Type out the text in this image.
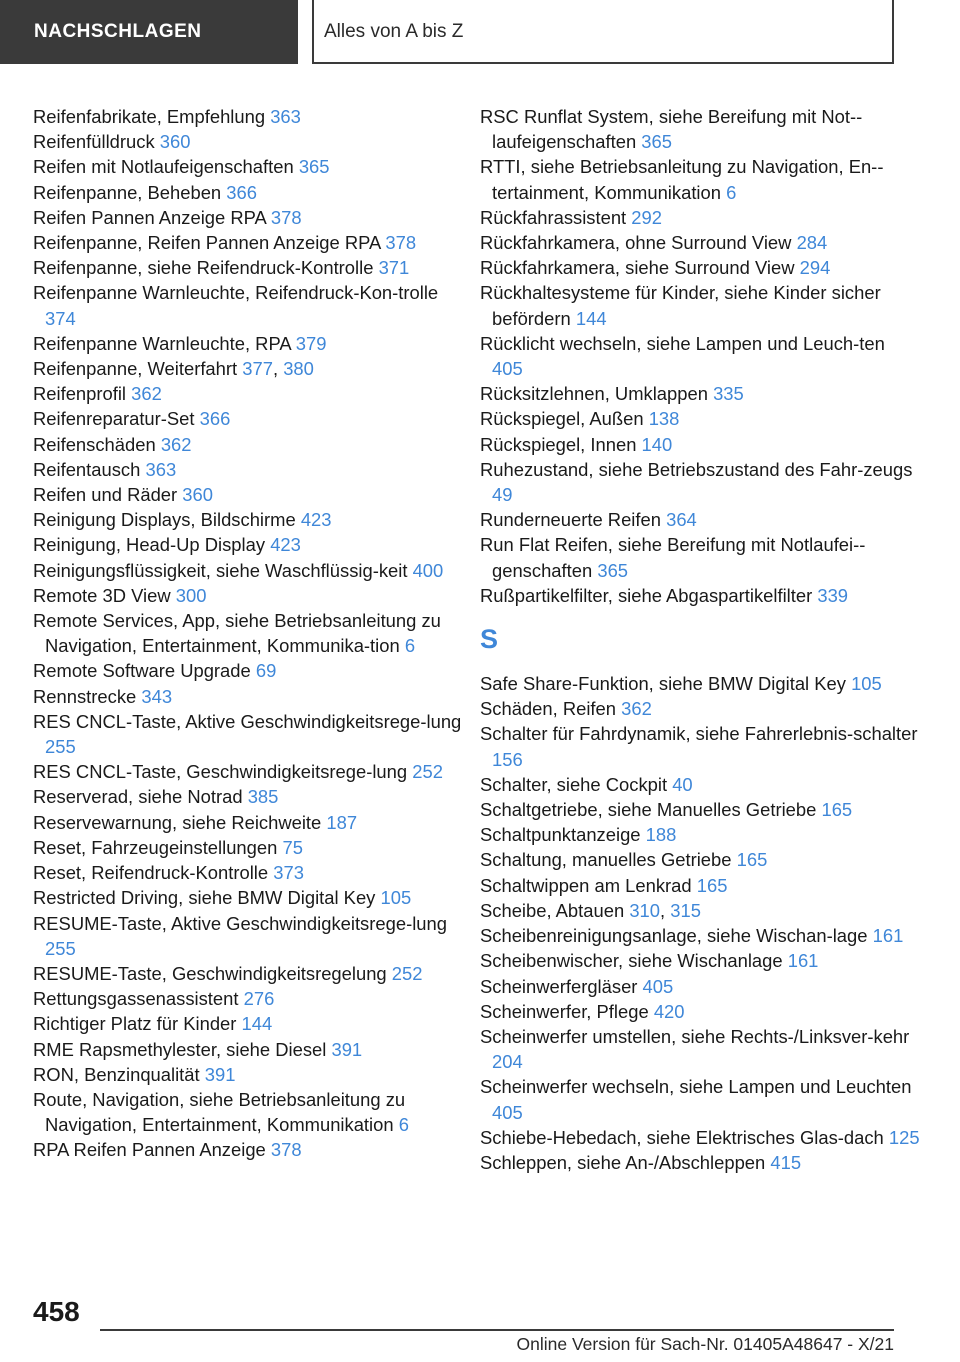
NACHSCHLAGEN	Alles von A bis Z

Reifenfabrikate, Empfehlung 363

Reifenfülldruck 360

Reifen mit Notlaufeigenschaften 365

Reifenpanne, Beheben 366

Reifen Pannen Anzeige RPA 378

Reifenpanne, Reifen Pannen Anzeige RPA 378

Reifenpanne, siehe Reifendruck-Kontrolle 371

Reifenpanne Warnleuchte, Reifendruck-Kon-trolle 374

Reifenpanne Warnleuchte, RPA 379

Reifenpanne, Weiterfahrt 377, 380

Reifenprofil 362

Reifenreparatur-Set 366

Reifenschäden 362

Reifentausch 363

Reifen und Räder 360

Reinigung Displays, Bildschirme 423

Reinigung, Head-Up Display 423

Reinigungsflüssigkeit, siehe Waschflüssig-keit 400

Remote 3D View 300

Remote Services, App, siehe Betriebsanleitung zu Navigation, Entertainment, Kommunika-tion 6

Remote Software Upgrade 69

Rennstrecke 343

RES CNCL-Taste, Aktive Geschwindigkeitsrege-lung 255

RES CNCL-Taste, Geschwindigkeitsrege-lung 252

Reserverad, siehe Notrad 385

Reservewarnung, siehe Reichweite 187

Reset, Fahrzeugeinstellungen 75

Reset, Reifendruck-Kontrolle 373

Restricted Driving, siehe BMW Digital Key 105

RESUME-Taste, Aktive Geschwindigkeitsrege-lung 255

RESUME-Taste, Geschwindigkeitsregelung 252

Rettungsgassenassistent 276

Richtiger Platz für Kinder 144

RME Rapsmethylester, siehe Diesel 391

RON, Benzinqualität 391

Route, Navigation, siehe Betriebsanleitung zu Navigation, Entertainment, Kommunikation 6

RPA Reifen Pannen Anzeige 378

RSC Runflat System, siehe Bereifung mit Not-laufeigenschaften 365

RTTI, siehe Betriebsanleitung zu Navigation, En-tertainment, Kommunikation 6

Rückfahrassistent 292

Rückfahrkamera, ohne Surround View 284

Rückfahrkamera, siehe Surround View 294

Rückhaltesysteme für Kinder, siehe Kinder sicher befördern 144

Rücklicht wechseln, siehe Lampen und Leuch-ten 405

Rücksitzlehnen, Umklappen 335

Rückspiegel, Außen 138

Rückspiegel, Innen 140

Ruhezustand, siehe Betriebszustand des Fahr-zeugs 49

Runderneuerte Reifen 364

Run Flat Reifen, siehe Bereifung mit Notlaufei-genschaften 365

Rußpartikelfilter, siehe Abgaspartikelfilter 339

S

Safe Share-Funktion, siehe BMW Digital Key 105

Schäden, Reifen 362

Schalter für Fahrdynamik, siehe Fahrerlebnis-schalter 156

Schalter, siehe Cockpit 40

Schaltgetriebe, siehe Manuelles Getriebe 165

Schaltpunktanzeige 188

Schaltung, manuelles Getriebe 165

Schaltwippen am Lenkrad 165

Scheibe, Abtauen 310, 315

Scheibenreinigungsanlage, siehe Wischan-lage 161

Scheibenwischer, siehe Wischanlage 161

Scheinwerfergläser 405

Scheinwerfer, Pflege 420

Scheinwerfer umstellen, siehe Rechts-/Linksver-kehr 204

Scheinwerfer wechseln, siehe Lampen und Leuchten 405

Schiebe-Hebedach, siehe Elektrisches Glas-dach 125

Schleppen, siehe An-/Abschleppen 415

458
Online Version für Sach-Nr. 01405A48647 - X/21
